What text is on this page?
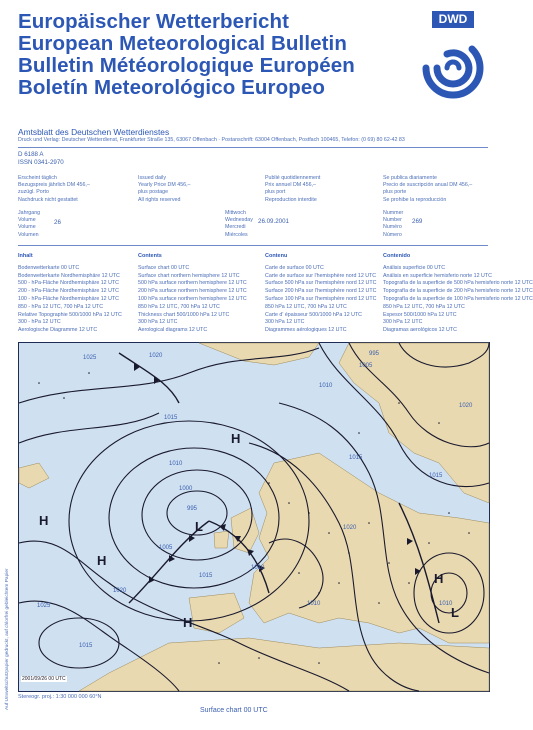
Europäischer Wetterbericht
European Meteorological Bulletin
Bulletin Météorologique Européen
Boletín Meteorológico Europeo
DWD
Amtsblatt des Deutschen Wetterdienstes
Druck und Verlag: Deutscher Wetterdienst, Frankfurter Straße 135, 63067 Offenbach · Postanschrift: 63004 Offenbach, Postfach 100465, Telefon: (0 69) 80 62-42 83
D 6188 A
ISSN 0341-2970
Erscheint täglich
Bezugspreis jährlich DM 456,–
zuzügl. Porto
Nachdruck nicht gestattet
Issued daily
Yearly Price DM 456,–
plus postage
All rights reserved
Publié quotidiennement
Prix annuel DM 456,–
plus port
Reproduction interdite
Se publica diariamente
Precio de suscripción anual DM 456,–
plus porte
Se prohibe la reproducción
Jahrgang
Volume
Volume
Volumen
26
Mittwoch
Wednesday
Mercredi
Miércoles
26.09.2001
Nummer
Number
Numéro
Número
269
Inhalt
Bodenwetterkarte 00 UTC
Bodenwetterkarte Nordhemisphäre 12 UTC
500 - hPa-Fläche Nordhemisphäre 12 UTC
200 - hPa-Fläche Nordhemisphäre 12 UTC
100 - hPa-Fläche Nordhemisphäre 12 UTC
850 - hPa 12 UTC, 700 hPa 12 UTC
Relative Topographie 500/1000 hPa 12 UTC
300 - hPa 12 UTC
Aerologische Diagramme 12 UTC
Contents
Surface chart 00 UTC
Surface chart northern hemisphere 12 UTC
500 hPa surface northern hemisphere 12 UTC
200 hPa surface northern hemisphere 12 UTC
100 hPa surface northern hemisphere 12 UTC
850 hPa 12 UTC, 700 hPa 12 UTC
Thickness chart 500/1000 hPa 12 UTC
300 hPa 12 UTC
Aerological diagrams 12 UTC
Contenu
Carte de surface 00 UTC
Carte de surface sur l'hemisphère nord 12 UTC
Surface 500 hPa sur l'hemisphère nord 12 UTC
Surface 200 hPa sur l'hemisphère nord 12 UTC
Surface 100 hPa sur l'hemisphère nord 12 UTC
850 hPa 12 UTC, 700 hPa 12 UTC
Carte d' épaisseur 500/1000 hPa 12 UTC
300 hPa 12 UTC
Diagrammes aérologiques 12 UTC
Contenido
Análisis superficie 00 UTC
Análisis en superficie hemisferio norte 12 UTC
Topografía de la superficie de 500 hPa hemisferio norte 12 UTC
Topografía de la superficie de 200 hPa hemisferio norte 12 UTC
Topografía de la superficie de 100 hPa hemisferio norte 12 UTC
850 hPa 12 UTC, 700 hPa 12 UTC
Espesor 500/1000 hPa 12 UTC
300 hPa 12 UTC
Diagramas aerológicos 12 UTC
1025	1020
1015
1010
1005
1000
995
1025
1020
1015
1010
1020
1015
1010
1005
995
1020
1015
1010
1010
1015
H
H
H
H
H
L
L
2001/09/26 00 UTC
Auf Umweltschutzpapier gedruckt, auf chlorfrei gebleichtem Papier Stereogr. proj.: 1:30 000 000 60°N
Surface chart 00 UTC
